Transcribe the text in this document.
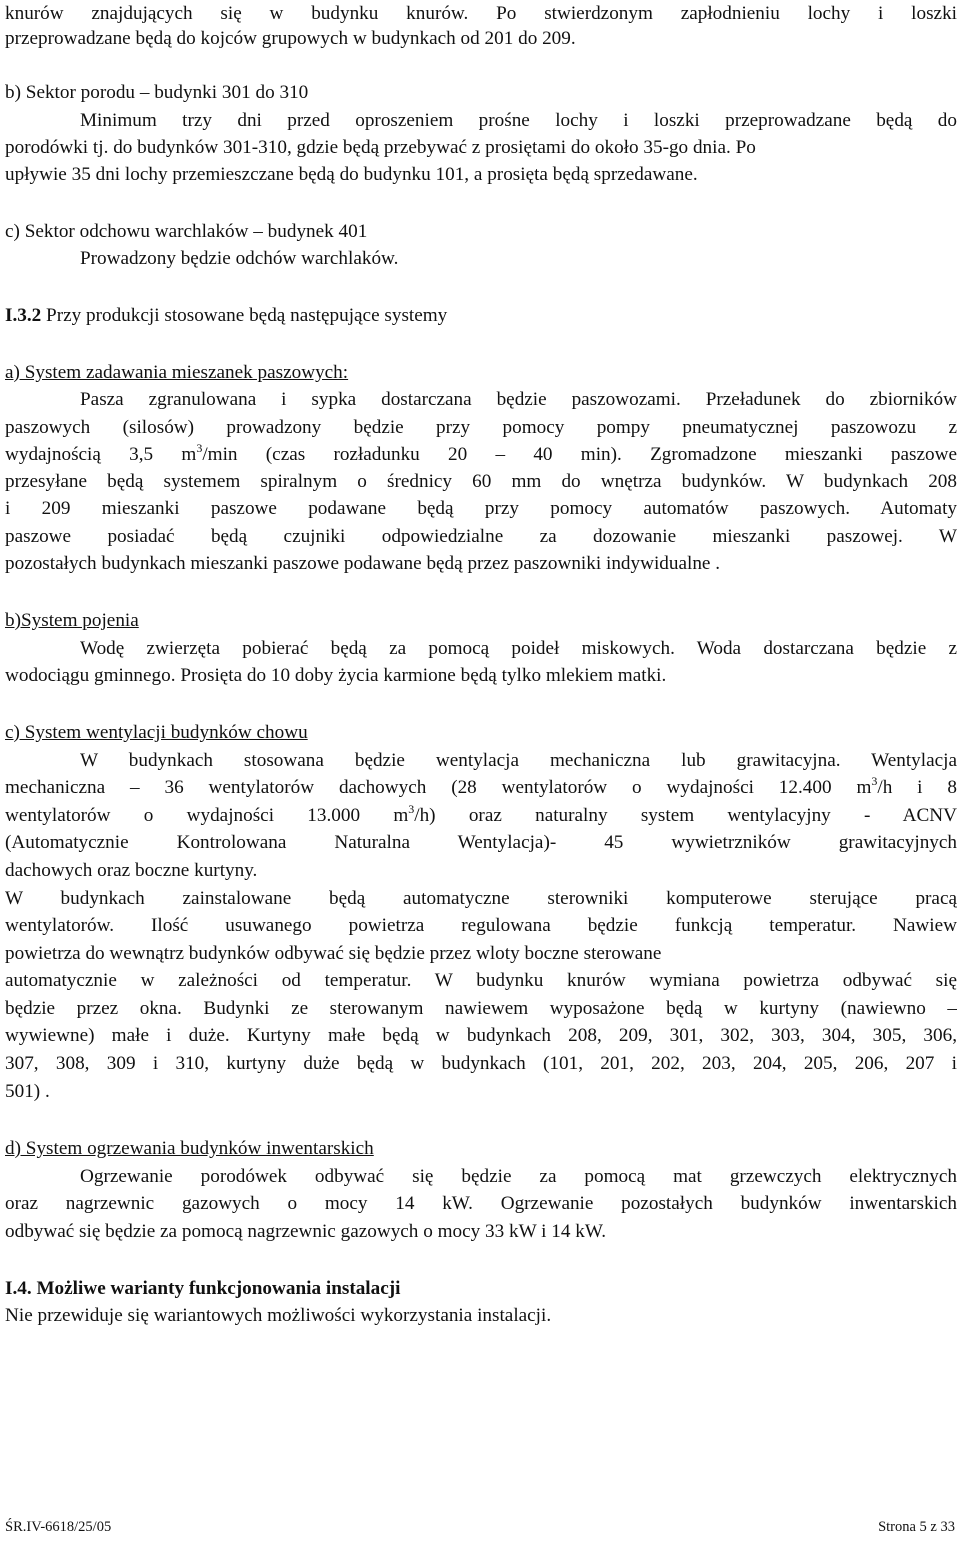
knurów znajdujących się w budynku knurów. Po stwierdzonym zapłodnieniu lochy i loszki
przeprowadzane będą do kojców grupowych w budynkach od 201 do 209.
b) Sektor porodu – budynki 301 do 310
Minimum trzy dni przed oproszeniem prośne lochy i loszki przeprowadzane będą do
porodówki tj. do budynków 301-310, gdzie będą przebywać z prosiętami do około 35-go dnia. Po
upływie 35 dni lochy przemieszczane będą do budynku 101, a prosięta będą sprzedawane.
c) Sektor odchowu warchlaków – budynek 401
Prowadzony będzie odchów warchlaków.
I.3.2 Przy produkcji stosowane będą następujące systemy
a) System zadawania mieszanek paszowych:
Pasza zgranulowana i sypka dostarczana będzie paszowozami. Przeładunek do zbiorników
paszowych (silosów) prowadzony będzie przy pomocy pompy pneumatycznej paszowozu z
wydajnością 3,5 $m^3/\min$ (czas rozładunku 20 – 40 min). Zgromadzone mieszanki paszowe
przesyłane będą systemem spiralnym o średnicy 60 mm do wnętrza budynków. W budynkach 208
i 209 mieszanki paszowe podawane będą przy pomocy automatów paszowych. Automaty
paszowe posiadać będą czujniki odpowiedzialne za dozowanie mieszanki paszowej. W
pozostałych budynkach mieszanki paszowe podawane będą przez paszowniki indywidualne .
b)System pojenia
Wodę zwierzęta pobierać będą za pomocą poideł miskowych. Woda dostarczana będzie z
wodociągu gminnego. Prosięta do 10 doby życia karmione będą tylko mlekiem matki.
c) System wentylacji budynków chowu
W budynkach stosowana będzie wentylacja mechaniczna lub grawitacyjna. Wentylacja
mechaniczna – 36 wentylatorów dachowych (28 wentylatorów o wydajności 12.400 $m^3/h$ i 8
wentylatorów o wydajności 13.000 $m^3/h$) oraz naturalny system wentylacyjny - ACNV
(Automatycznie Kontrolowana Naturalna Wentylacja)- 45 wywietrzników grawitacyjnych
dachowych oraz boczne kurtyny.
W budynkach zainstalowane będą automatyczne sterowniki komputerowe sterujące pracą
wentylatorów. Ilość usuwanego powietrza regulowana będzie funkcją temperatur. Nawiew
powietrza do wewnątrz budynków odbywać się będzie przez wloty boczne sterowane
automatycznie w zależności od temperatur. W budynku knurów wymiana powietrza odbywać się
będzie przez okna. Budynki ze sterowanym nawiewem wyposażone będą w kurtyny (nawiewno –
wywiewne) małe i duże. Kurtyny małe będą w budynkach 208, 209, 301, 302, 303, 304, 305, 306,
307, 308, 309 i 310, kurtyny duże będą w budynkach (101, 201, 202, 203, 204, 205, 206, 207 i
501) .
d) System ogrzewania budynków inwentarskich
Ogrzewanie porodówek odbywać się będzie za pomocą mat grzewczych elektrycznych
oraz nagrzewnic gazowych o mocy 14 kW. Ogrzewanie pozostałych budynków inwentarskich
odbywać się będzie za pomocą nagrzewnic gazowych o mocy 33 kW i 14 kW.
I.4. Możliwe warianty funkcjonowania instalacji
Nie przewiduje się wariantowych możliwości wykorzystania instalacji.
ŚR.IV-6618/25/05	Strona 5 z 33
